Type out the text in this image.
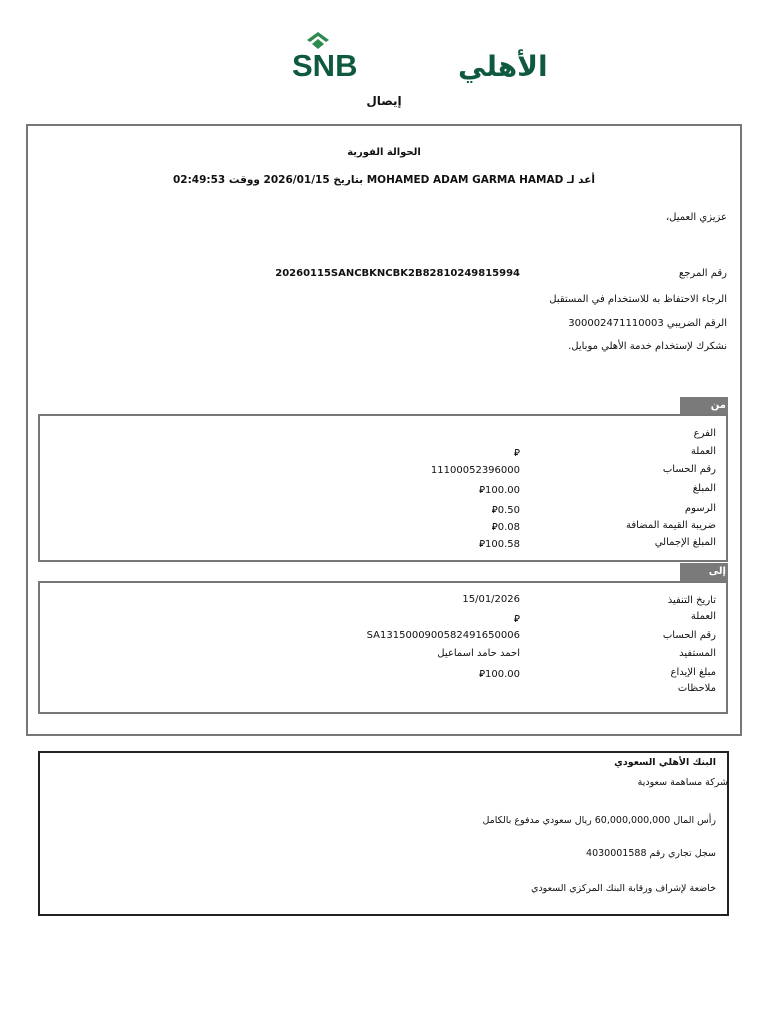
SNB	الأهلي
إيصال
الحوالة الفورية
أعد لـ MOHAMED ADAM GARMA HAMAD بتاريخ 2026/01/15 ووقت 02:49:53
عزيزي العميل،
رقم المرجع
20260115SANCBKNCBK2B82810249815994
الرجاء الاحتفاظ به للاستخدام في المستقبل
الرقم الضريبي 300002471110003
نشكرك لإستخدام خدمة الأهلي موبايل.
من
الفرع
العملة
⃁
رقم الحساب
11100052396000
المبلغ
⃁100.00
الرسوم
⃁0.50
ضريبة القيمة المضافة
⃁0.08
المبلغ الإجمالي
⃁100.58
إلى
تاريخ التنفيذ
15/01/2026
العملة
⃁
رقم الحساب
SA1315000900582491650006
المستفيد
احمد حامد اسماعيل
مبلغ الإيداع
⃁100.00
ملاحظات
البنك الأهلي السعودي
شركة مساهمة سعودية
رأس المال 60,000,000,000 ريال سعودي مدفوع بالكامل
سجل تجاري رقم 4030001588
خاضعة لإشراف ورقابة البنك المركزي السعودي
